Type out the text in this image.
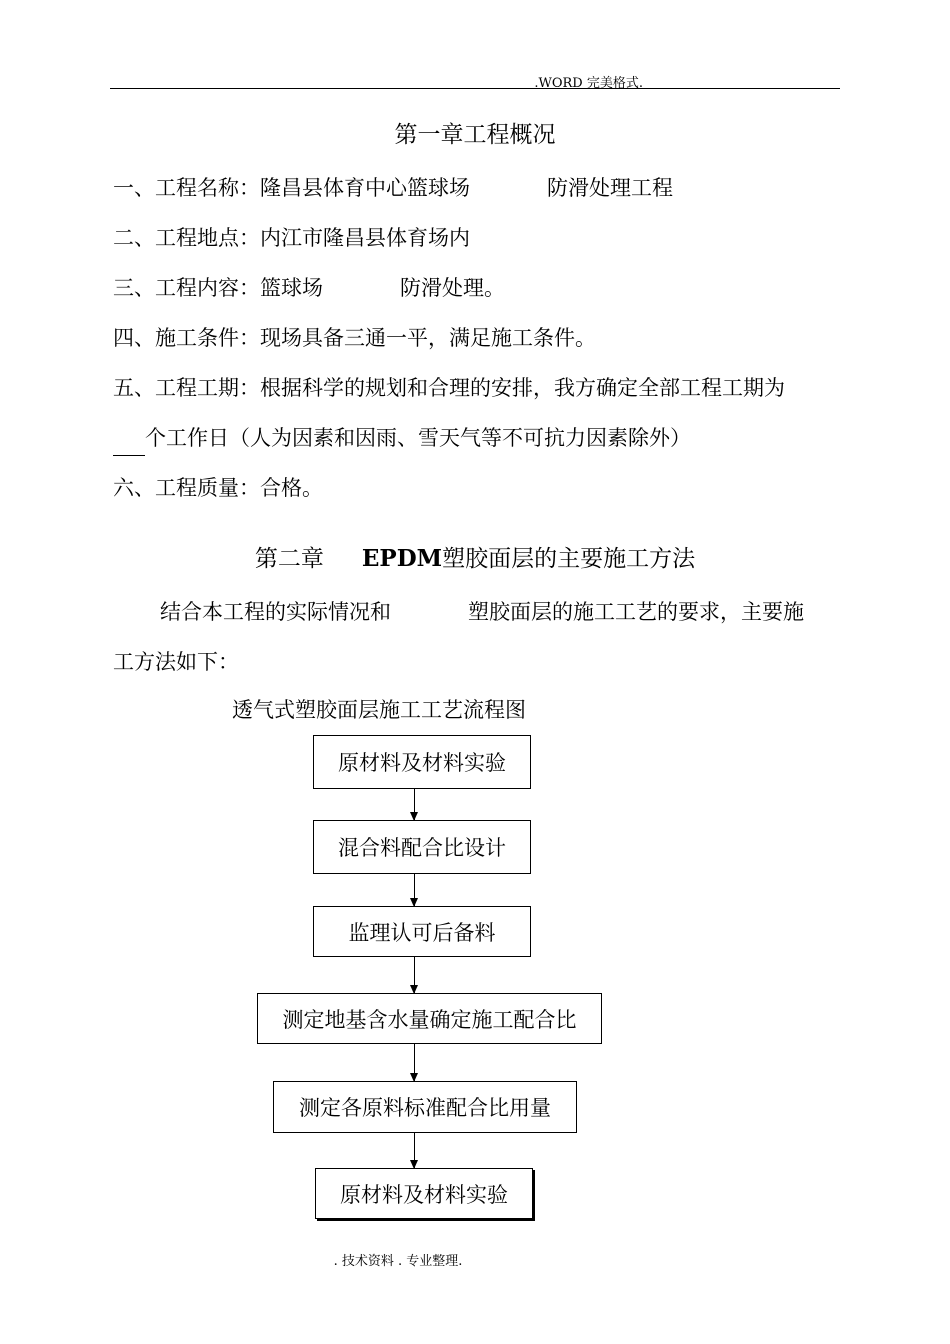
.WORD 完美格式.
第一章工程概况
一、工程名称：隆昌县体育中心篮球场	防滑处理工程
二、工程地点：内江市隆昌县体育场内
三、工程内容：篮球场	防滑处理。
四、施工条件：现场具备三通一平，满足施工条件。
五、工程工期：根据科学的规划和合理的安排，我方确定全部工程工期为
个工作日（人为因素和因雨、雪天气等不可抗力因素除外）
六、工程质量：合格。
第二章 EPDM塑胶面层的主要施工方法
结合本工程的实际情况和	塑胶面层的施工工艺的要求，主要施
工方法如下：
透气式塑胶面层施工工艺流程图
原材料及材料实验
混合料配合比设计
监理认可后备料
测定地基含水量确定施工配合比
测定各原料标准配合比用量
原材料及材料实验
. 技术资料 . 专业整理.
